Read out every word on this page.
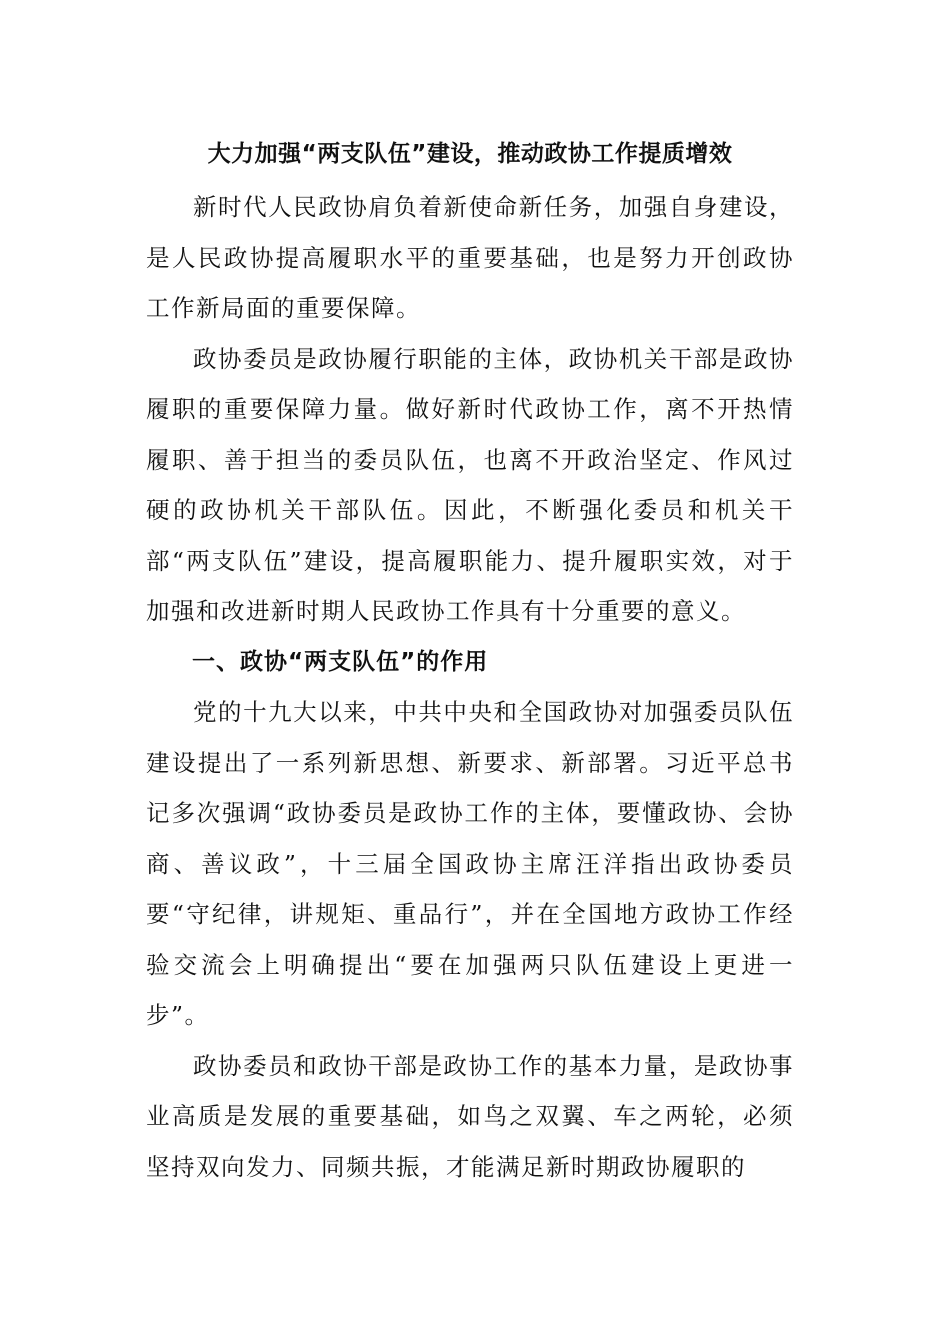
大力加强“两支队伍”建设，推动政协工作提质增效

新时代人民政协肩负着新使命新任务，加强自身建设，是人民政协提高履职水平的重要基础，也是努力开创政协工作新局面的重要保障。

政协委员是政协履行职能的主体，政协机关干部是政协履职的重要保障力量。做好新时代政协工作，离不开热情履职、善于担当的委员队伍，也离不开政治坚定、作风过硬的政协机关干部队伍。因此，不断强化委员和机关干部“两支队伍”建设，提高履职能力、提升履职实效，对于加强和改进新时期人民政协工作具有十分重要的意义。

一、政协“两支队伍”的作用

党的十九大以来，中共中央和全国政协对加强委员队伍建设提出了一系列新思想、新要求、新部署。习近平总书记多次强调“政协委员是政协工作的主体，要懂政协、会协商、善议政”，十三届全国政协主席汪洋指出政协委员要“守纪律，讲规矩、重品行”，并在全国地方政协工作经验交流会上明确提出“要在加强两只队伍建设上更进一步”。

政协委员和政协干部是政协工作的基本力量，是政协事业高质是发展的重要基础，如鸟之双翼、车之两轮，必须坚持双向发力、同频共振，才能满足新时期政协履职的
